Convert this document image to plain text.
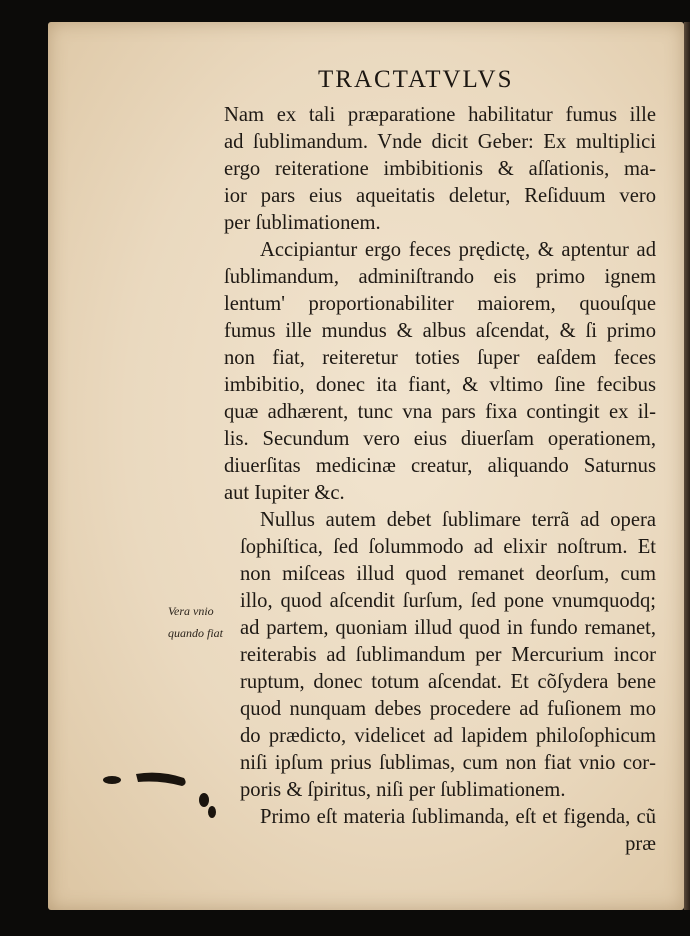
TRACTATVLVS
Nam ex tali præparatione habilitatur fumus ille
ad ſublimandum. Vnde dicit Geber: Ex multiplici
ergo reiteratione imbibitionis & aſſationis, ma‑
ior pars eius aqueitatis deletur, Reſiduum vero
per ſublimationem.
Accipiantur ergo feces prędictę, & aptentur ad
ſublimandum, adminiſtrando eis primo ignem
lentum' proportionabiliter maiorem, quouſque
fumus ille mundus & albus aſcendat, & ſi primo
non fiat, reiteretur toties ſuper eaſdem feces
imbibitio, donec ita fiant, & vltimo ſine fecibus
quæ adhærent, tunc vna pars fixa contingit ex il‑
lis. Secundum vero eius diuerſam operationem,
diuerſitas medicinæ creatur, aliquando Saturnus
aut Iupiter &c.
Nullus autem debet ſublimare terrã ad opera
ſophiſtica, ſed ſolummodo ad elixir noſtrum. Et
non miſceas illud quod remanet deorſum, cum
illo, quod aſcendit ſurſum, ſed pone vnumquodq;
ad partem, quoniam illud quod in fundo remanet,
reiterabis ad ſublimandum per Mercurium incor
ruptum, donec totum aſcendat. Et cõſydera bene
quod nunquam debes procedere ad fuſionem mo
do prædicto, videlicet ad lapidem philoſophicum
niſi ipſum prius ſublimas, cum non fiat vnio cor‑
poris & ſpiritus, niſi per ſublimationem.
Primo eſt materia ſublimanda, eſt et figenda, cũ
præ
Vera vnio
quando fiat
